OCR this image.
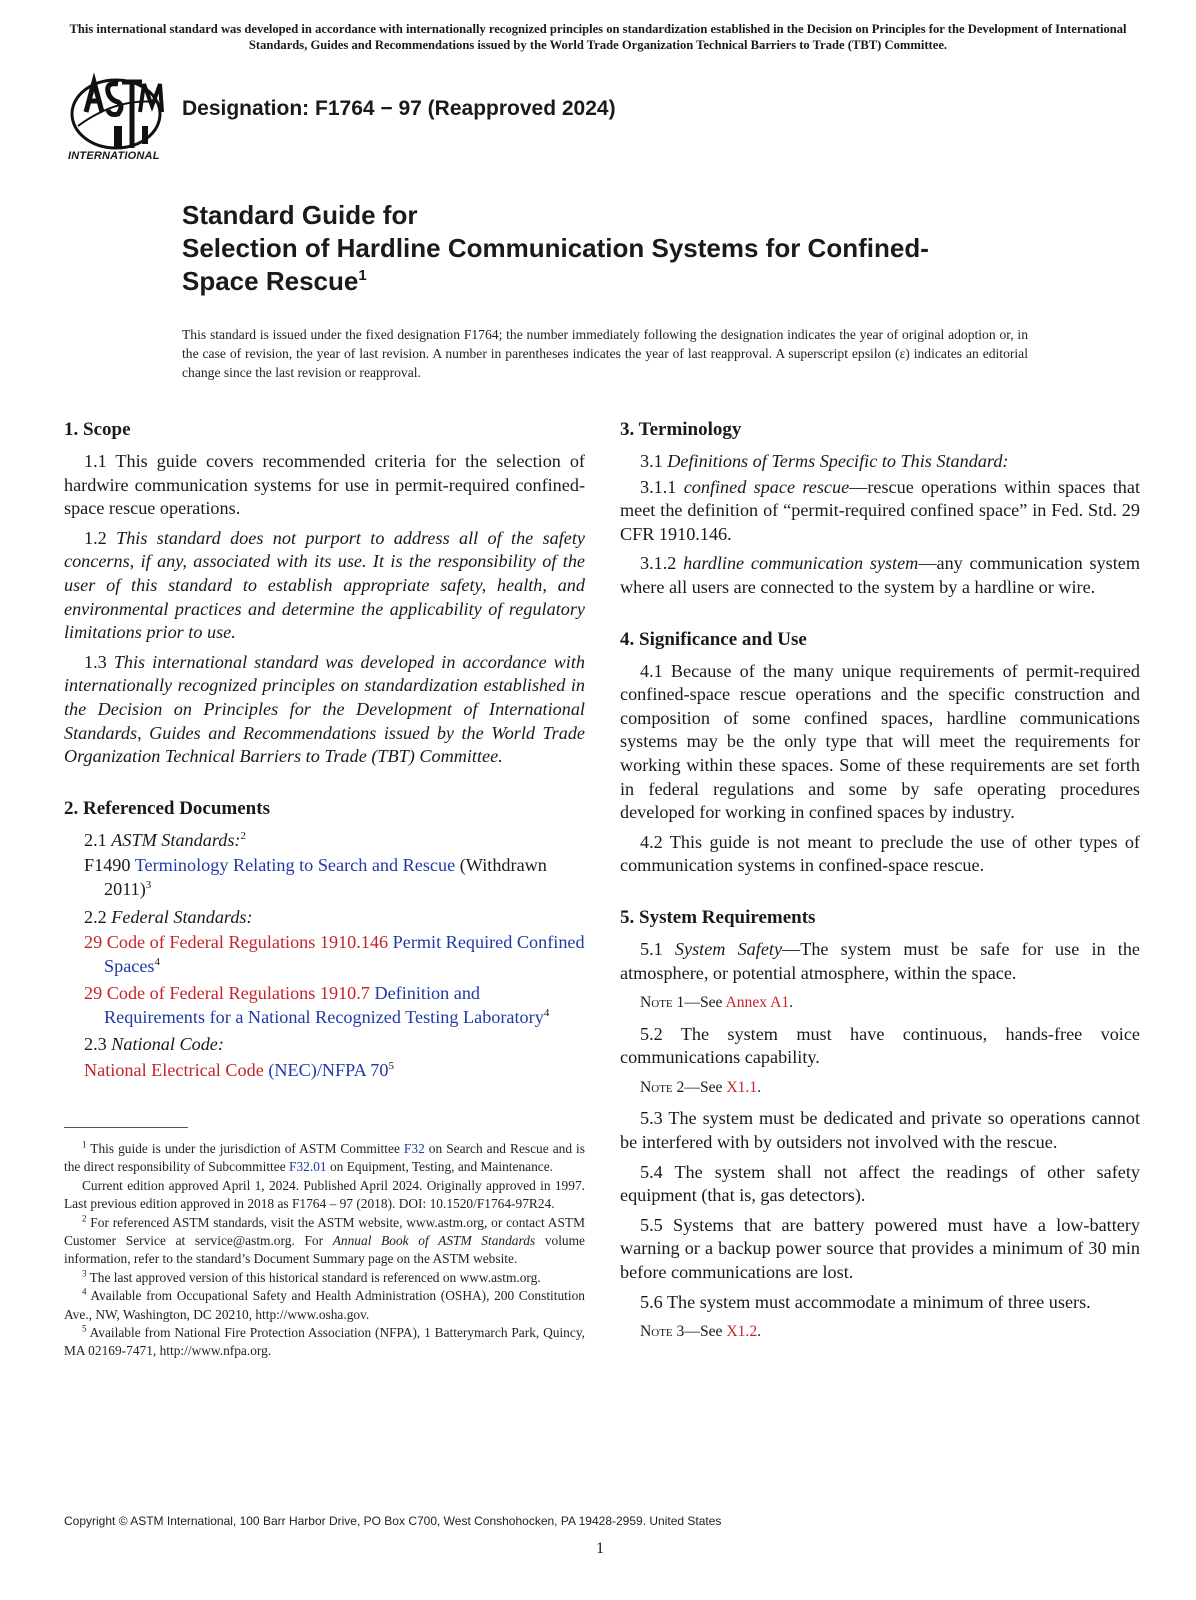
This international standard was developed in accordance with internationally recognized principles on standardization established in the Decision on Principles for the Development of International Standards, Guides and Recommendations issued by the World Trade Organization Technical Barriers to Trade (TBT) Committee.
INTERNATIONAL
Designation: F1764 − 97 (Reapproved 2024)
Standard Guide for
Selection of Hardline Communication Systems for Confined-
Space Rescue$^1$
This standard is issued under the fixed designation F1764; the number immediately following the designation indicates the year of original adoption or, in the case of revision, the year of last revision. A number in parentheses indicates the year of last reapproval. A superscript epsilon (ε) indicates an editorial change since the last revision or reapproval.
1. Scope

1.1 This guide covers recommended criteria for the selection of hardwire communication systems for use in permit-required confined-space rescue operations.

1.2 This standard does not purport to address all of the safety concerns, if any, associated with its use. It is the responsibility of the user of this standard to establish appropriate safety, health, and environmental practices and determine the applicability of regulatory limitations prior to use.

1.3 This international standard was developed in accordance with internationally recognized principles on standardization established in the Decision on Principles for the Development of International Standards, Guides and Recommendations issued by the World Trade Organization Technical Barriers to Trade (TBT) Committee.

2. Referenced Documents

2.1 ASTM Standards:$^2$

F1490 Terminology Relating to Search and Rescue (Withdrawn 2011)$^3$

2.2 Federal Standards:

29 Code of Federal Regulations 1910.146 Permit Required Confined Spaces$^4$

29 Code of Federal Regulations 1910.7 Definition and Requirements for a National Recognized Testing Laboratory$^4$

2.3 National Code:

National Electrical Code (NEC)/NFPA $70^5$

$^1$ This guide is under the jurisdiction of ASTM Committee F32 on Search and Rescue and is the direct responsibility of Subcommittee F32.01 on Equipment, Testing, and Maintenance.

Current edition approved April 1, 2024. Published April 2024. Originally approved in 1997. Last previous edition approved in 2018 as F1764 – 97 (2018). DOI: 10.1520/F1764-97R24.

$^2$ For referenced ASTM standards, visit the ASTM website, www.astm.org, or contact ASTM Customer Service at service@astm.org. For Annual Book of ASTM Standards volume information, refer to the standard’s Document Summary page on the ASTM website.

$^3$ The last approved version of this historical standard is referenced on www.astm.org.

$^4$ Available from Occupational Safety and Health Administration (OSHA), 200 Constitution Ave., NW, Washington, DC 20210, http://www.osha.gov.

$^5$ Available from National Fire Protection Association (NFPA), 1 Batterymarch Park, Quincy, MA 02169-7471, http://www.nfpa.org.

3. Terminology

3.1 Definitions of Terms Specific to This Standard:

3.1.1 confined space rescue—rescue operations within spaces that meet the definition of “permit-required confined space” in Fed. Std. 29 CFR 1910.146.

3.1.2 hardline communication system—any communication system where all users are connected to the system by a hardline or wire.

4. Significance and Use

4.1 Because of the many unique requirements of permit-required confined-space rescue operations and the specific construction and composition of some confined spaces, hardline communications systems may be the only type that will meet the requirements for working within these spaces. Some of these requirements are set forth in federal regulations and some by safe operating procedures developed for working in confined spaces by industry.

4.2 This guide is not meant to preclude the use of other types of communication systems in confined-space rescue.

5. System Requirements

5.1 System Safety—The system must be safe for use in the atmosphere, or potential atmosphere, within the space.

Note 1—See Annex A1.

5.2 The system must have continuous, hands-free voice communications capability.

Note 2—See X1.1.

5.3 The system must be dedicated and private so operations cannot be interfered with by outsiders not involved with the rescue.

5.4 The system shall not affect the readings of other safety equipment (that is, gas detectors).

5.5 Systems that are battery powered must have a low-battery warning or a backup power source that provides a minimum of 30 min before communications are lost.

5.6 The system must accommodate a minimum of three users.

Note 3—See X1.2.

Copyright © ASTM International, 100 Barr Harbor Drive, PO Box C700, West Conshohocken, PA 19428-2959. United States
1
